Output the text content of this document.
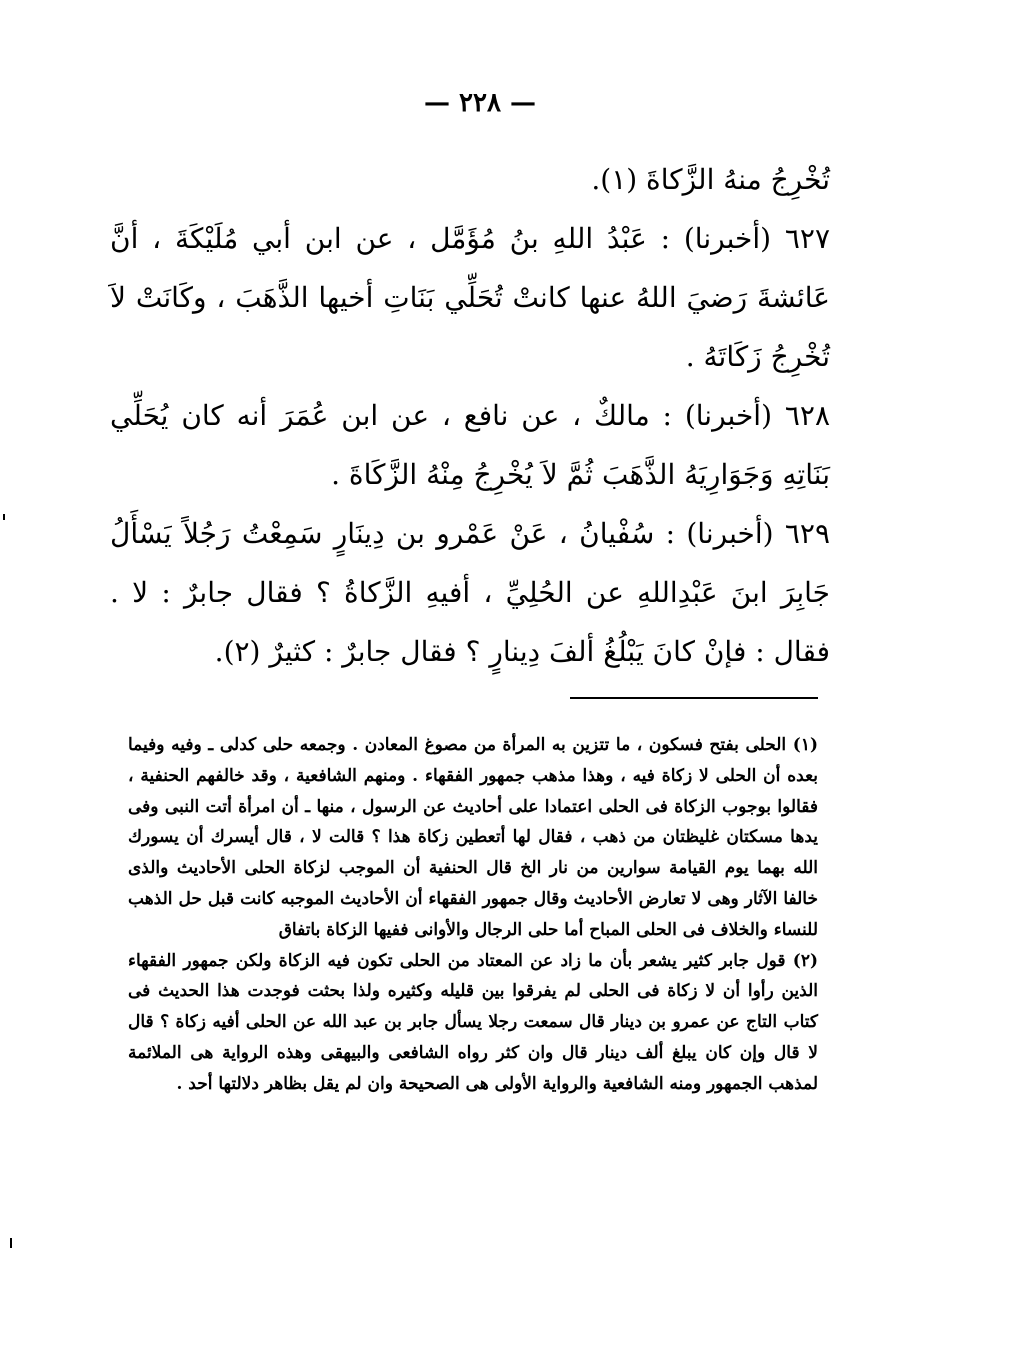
— ٢٢٨ —

تُخْرِجُ منهُ الزَّكاةَ (١).

٦٢٧ (أخبرنا) : عَبْدُ اللهِ بنُ مُؤَمَّل ، عن ابن أبي مُلَيْكَةَ ، أنَّ عَائشةَ رَضيَ اللهُ عنها كانتْ تُحَلِّي بَنَاتِ أخيها الذَّهَبَ ، وكَانَتْ لاَ تُخْرِجُ زَكَاتَهُ .

٦٢٨ (أخبرنا) : مالكٌ ، عن نافع ، عن ابن عُمَرَ أنه كان يُحَلِّي بَنَاتِهِ وَجَوَارِيَهُ الذَّهَبَ ثُمَّ لاَ يُخْرِجُ مِنْهُ الزَّكَاةَ .

٦٢٩ (أخبرنا) : سُفْيانُ ، عَنْ عَمْرو بن دِينَارٍ سَمِعْتُ رَجُلاً يَسْأَلُ جَابِرَ ابنَ عَبْدِاللهِ عن الحُلِيِّ ، أفيهِ الزَّكاةُ ؟ فقال جابرٌ : لا . فقال : فإنْ كانَ يَبْلُغُ ألفَ دِينارٍ ؟ فقال جابرٌ : كثيرٌ (٢).

(١) الحلى بفتح فسكون ، ما تتزين به المرأة من مصوغ المعادن . وجمعه حلى كدلى ـ وفيه وفيما بعده أن الحلى لا زكاة فيه ، وهذا مذهب جمهور الفقهاء . ومنهم الشافعية ، وقد خالفهم الحنفية ، فقالوا بوجوب الزكاة فى الحلى اعتمادا على أحاديث عن الرسول ، منها ـ أن امرأة أتت النبى وفى يدها مسكتان غليظتان من ذهب ، فقال لها أتعطين زكاة هذا ؟ قالت لا ، قال أيسرك أن يسورك الله بهما يوم القيامة سوارين من نار الخ قال الحنفية أن الموجب لزكاة الحلى الأحاديث والذى خالفا الآثار وهى لا تعارض الأحاديث وقال جمهور الفقهاء أن الأحاديث الموجبه كانت قبل حل الذهب للنساء والخلاف فى الحلى المباح أما حلى الرجال والأوانى ففيها الزكاة باتفاق

(٢) قول جابر كثير يشعر بأن ما زاد عن المعتاد من الحلى تكون فيه الزكاة ولكن جمهور الفقهاء الذين رأوا أن لا زكاة فى الحلى لم يفرقوا بين قليله وكثيره ولذا بحثت فوجدت هذا الحديث فى كتاب التاج عن عمرو بن دينار قال سمعت رجلا يسأل جابر بن عبد الله عن الحلى أفيه زكاة ؟ قال لا قال وإن كان يبلغ ألف دينار قال وان كثر رواه الشافعى والبيهقى وهذه الرواية هى الملائمة لمذهب الجمهور ومنه الشافعية والرواية الأولى هى الصحيحة وان لم يقل بظاهر دلالتها أحد .
